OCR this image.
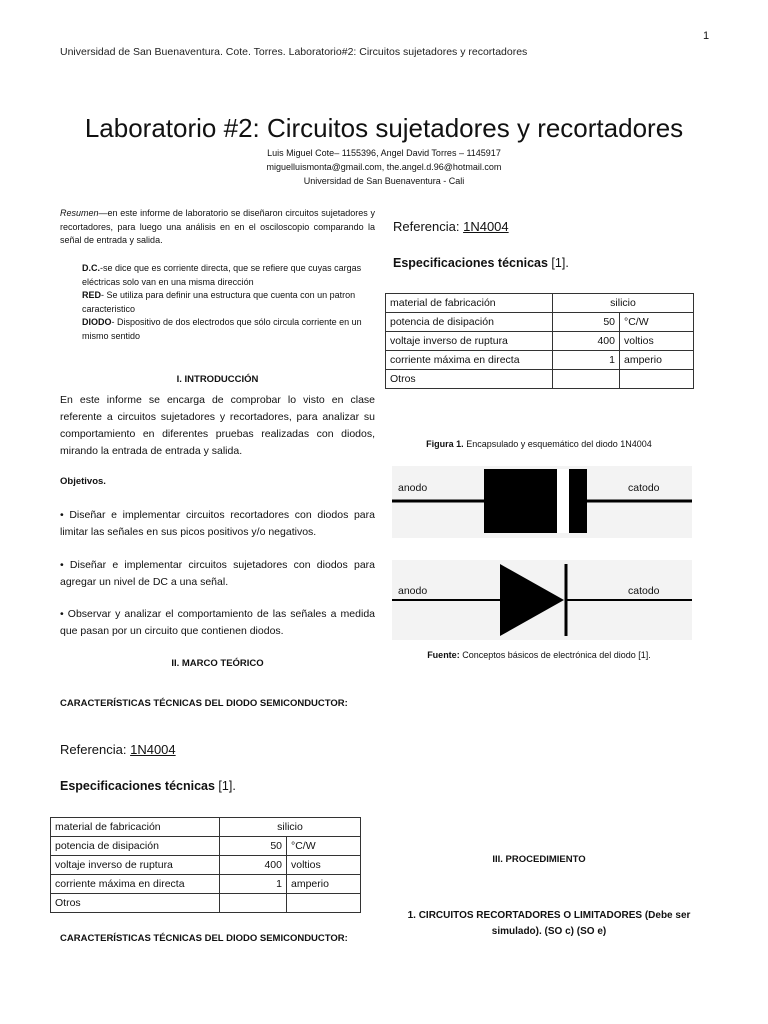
1
Universidad de San Buenaventura. Cote. Torres. Laboratorio#2: Circuitos sujetadores y recortadores
Laboratorio #2: Circuitos sujetadores y recortadores
Luis Miguel Cote– 1155396, Angel David Torres – 1145917
miguelluismonta@gmail.com, the.angel.d.96@hotmail.com
Universidad de San Buenaventura - Cali
Resumen—en este informe de laboratorio se diseñaron circuitos sujetadores y recortadores, para luego una análisis en en el osciloscopio comparando la señal de entrada y salida.

D.C.-se dice que es corriente directa, que se refiere que cuyas cargas eléctricas solo van en una misma dirección

RED- Se utiliza para definir una estructura que cuenta con un patron caracteristico

DIODO- Dispositivo de dos electrodos que sólo circula corriente en un mismo sentido

I. INTRODUCCIÓN
En este informe se encarga de comprobar lo visto en clase referente a circuitos sujetadores y recortadores, para analizar su comportamiento en diferentes pruebas realizadas con diodos, mirando la entrada de entrada y salida.
Objetivos.
• Diseñar e implementar circuitos recortadores con diodos para limitar las señales en sus picos positivos y/o negativos.
• Diseñar e implementar circuitos sujetadores con diodos para agregar un nivel de DC a una señal.
• Observar y analizar el comportamiento de las señales a medida que pasan por un circuito que contienen diodos.
II. MARCO TEÓRICO
CARACTERÍSTICAS TÉCNICAS DEL DIODO SEMICONDUCTOR:
Referencia: 1N4004
Especificaciones técnicas [1].
material de fabricación	silicio	
potencia de disipación	50	°C/W
voltaje inverso de ruptura	400	voltios
corriente máxima en directa	1	amperio
Otros		
CARACTERÍSTICAS TÉCNICAS DEL DIODO SEMICONDUCTOR:
Referencia: 1N4004
Especificaciones técnicas [1].
material de fabricación	silicio	
potencia de disipación	50	°C/W
voltaje inverso de ruptura	400	voltios
corriente máxima en directa	1	amperio
Otros		
Figura 1. Encapsulado y esquemático del diodo 1N4004
anodo	catodo
anodo	catodo
Fuente: Conceptos básicos de electrónica del diodo [1].
III. PROCEDIMIENTO
1. CIRCUITOS RECORTADORES O LIMITADORES (Debe ser simulado). (SO c) (SO e)
